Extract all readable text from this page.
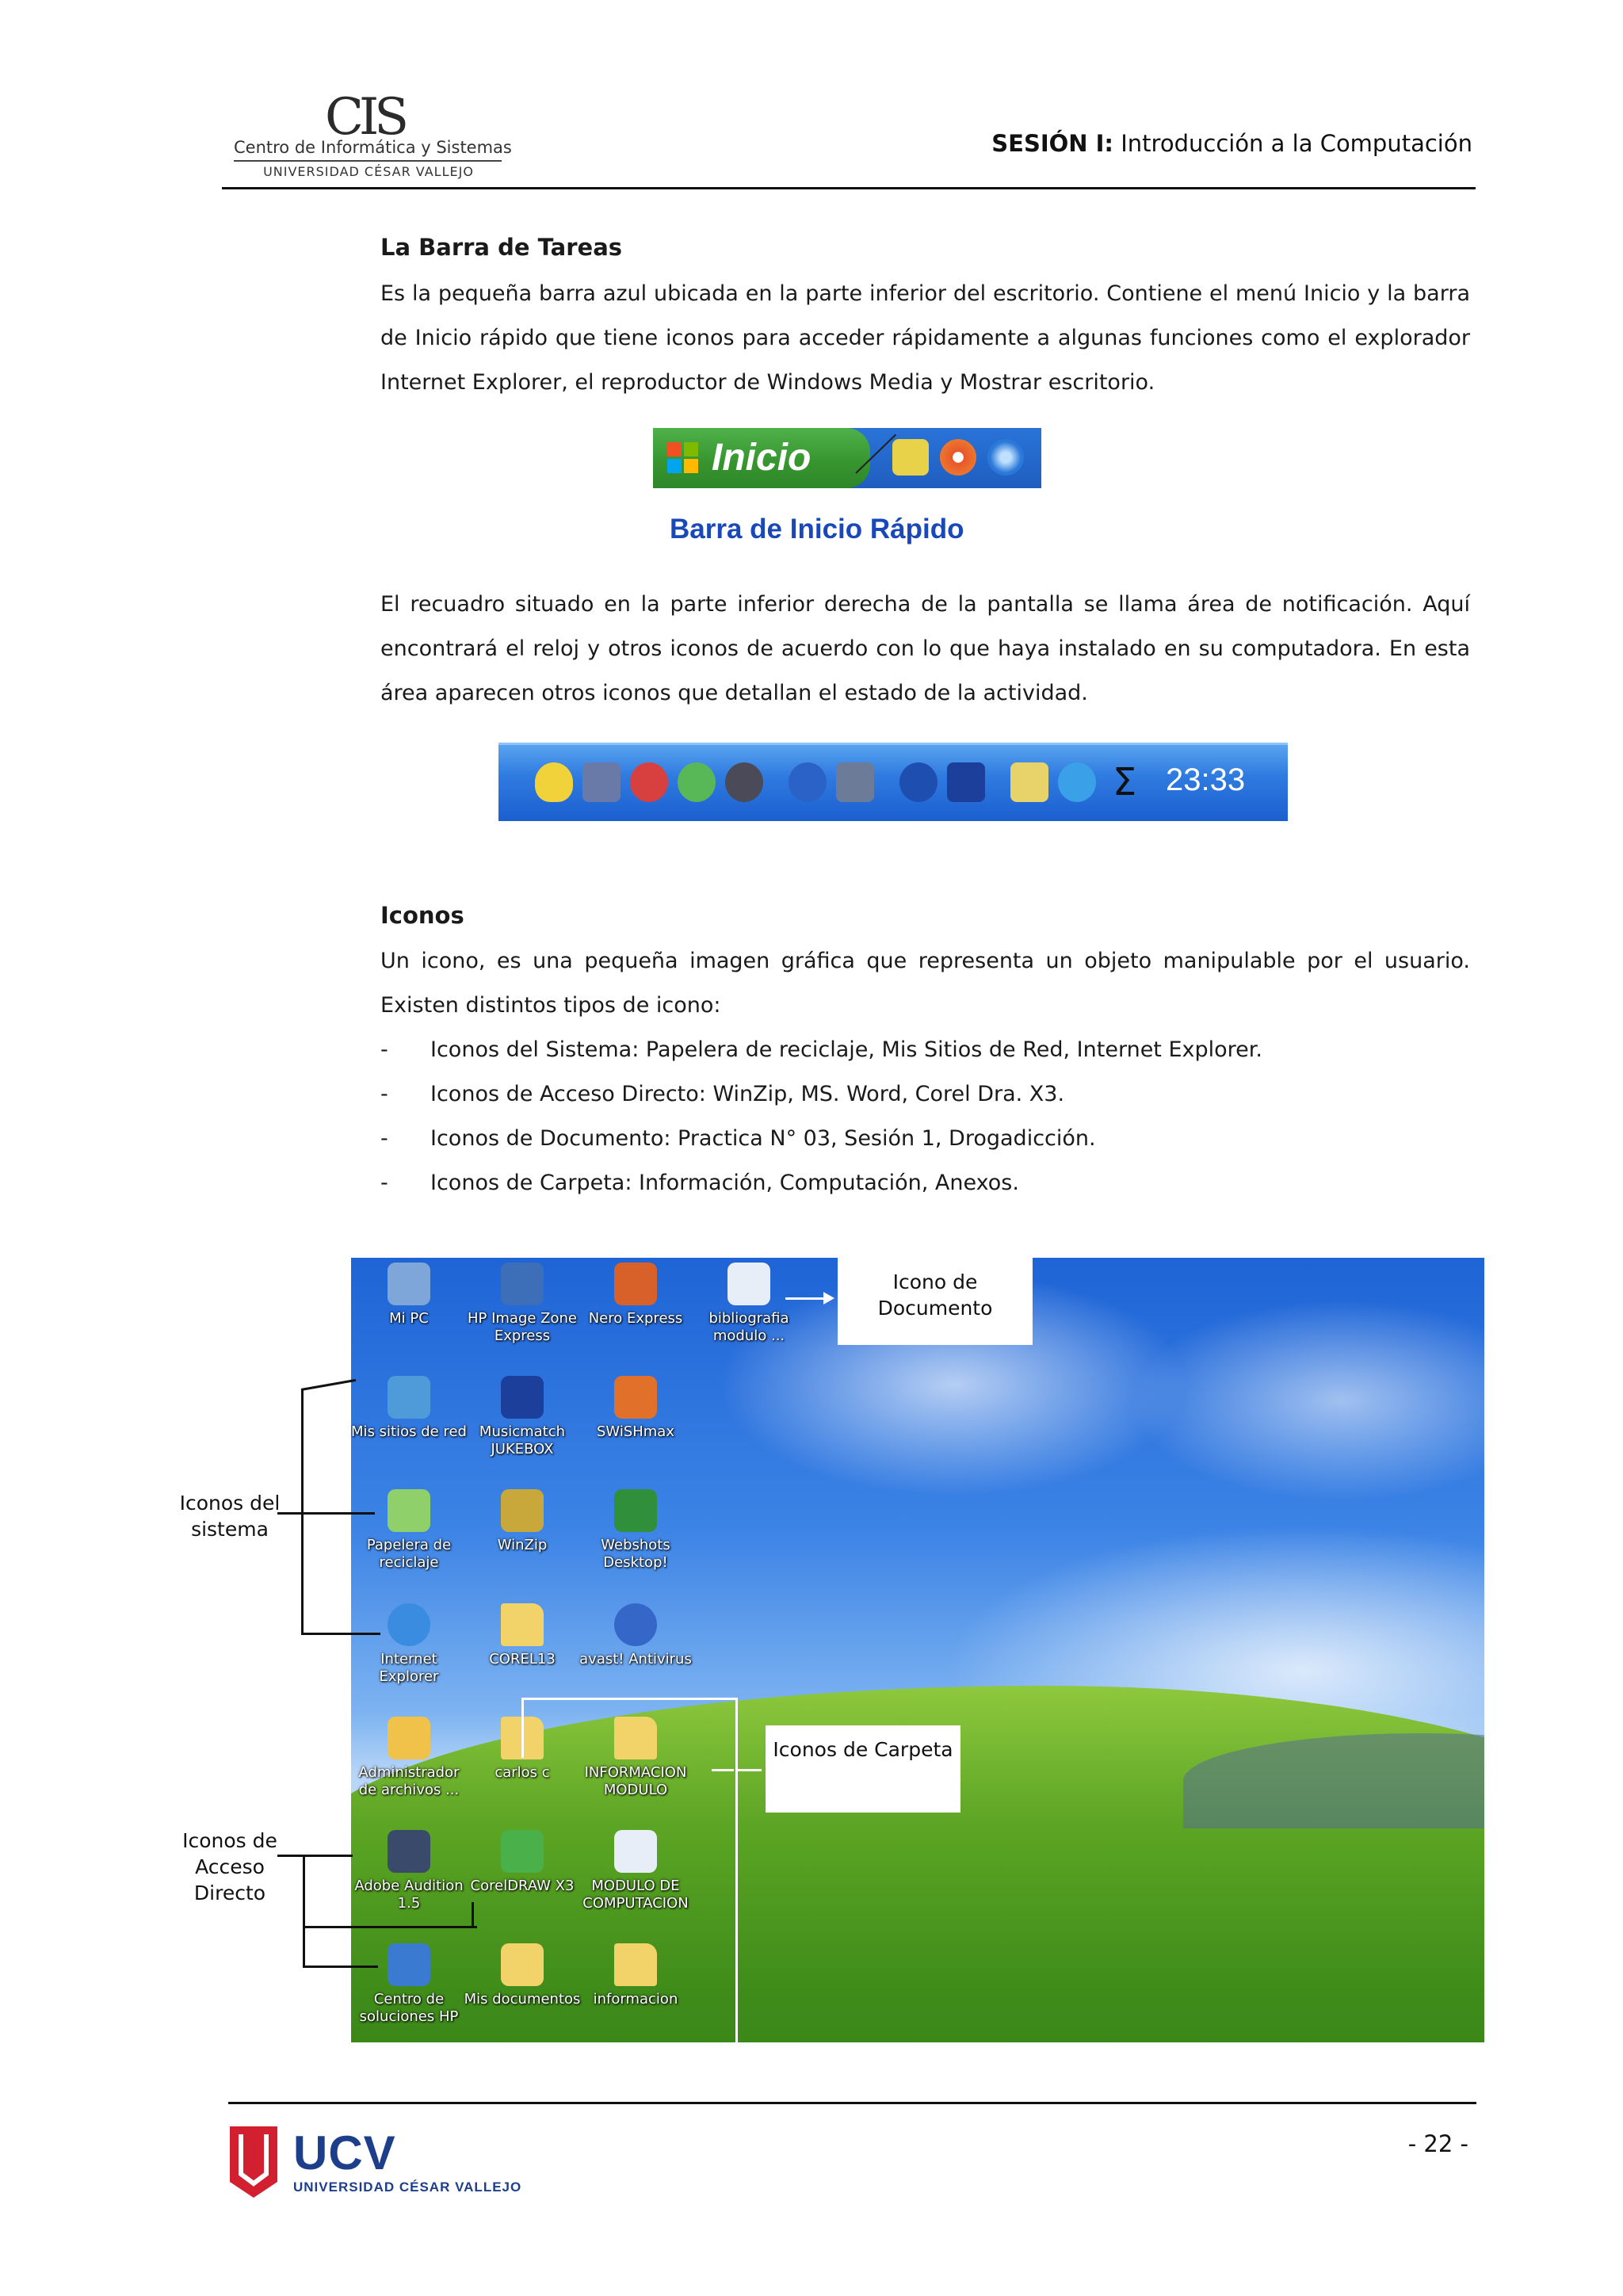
CIS
Centro de Informática y Sistemas
UNIVERSIDAD CÉSAR VALLEJO
SESIÓN I: Introducción a la Computación
La Barra de Tareas
Es la pequeña barra azul ubicada en la parte inferior del escritorio. Contiene el menú Inicio y la barra de Inicio rápido que tiene iconos para acceder rápidamente a algunas funciones como el explorador Internet Explorer, el reproductor de Windows Media y Mostrar escritorio.
Inicio
Barra de Inicio Rápido
El recuadro situado en la parte inferior derecha de la pantalla se llama área de notificación. Aquí encontrará el reloj y otros iconos de acuerdo con lo que haya instalado en su computadora. En esta área aparecen otros iconos que detallan el estado de la actividad.
Σ 23:33
Iconos
Un icono, es una pequeña imagen gráfica que representa un objeto manipulable por el usuario. Existen distintos tipos de icono:
- Iconos del Sistema: Papelera de reciclaje, Mis Sitios de Red, Internet Explorer.
- Iconos de Acceso Directo: WinZip, MS. Word, Corel Dra. X3.
- Iconos de Documento: Practica N° 03, Sesión 1, Drogadicción.
- Iconos de Carpeta: Información, Computación, Anexos.
Mi PC	HP Image Zone Express
Nero Express	bibliografia modulo ...
Mis sitios de red Musicmatch JUKEBOX
SWiSHmax
Papelera de reciclaje
WinZip	Webshots Desktop!
Internet Explorer
COREL13	avast! Antivirus
Administrador de archivos ...
carlos c	INFORMACION MODULO
Adobe Audition 1.5
CorelDRAW X3	MODULO DE COMPUTACION
Centro de soluciones HP
Mis documentos informacion
Icono de Documento
Iconos de Carpeta
Iconos del sistema
Iconos de Acceso Directo
UCV
UNIVERSIDAD CÉSAR VALLEJO
- 22 -
